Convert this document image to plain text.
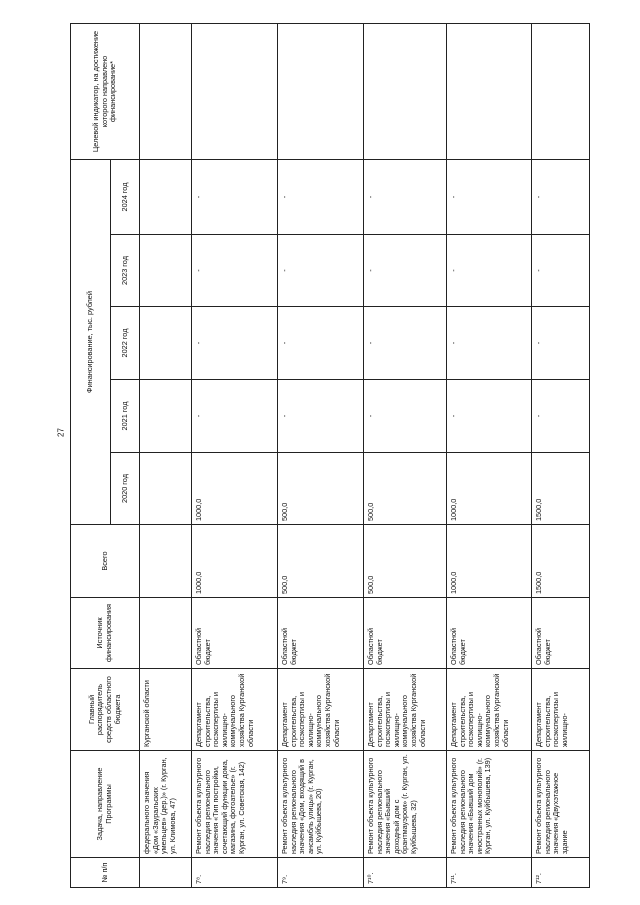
27
№ п/п	Задача, направление Программы	Главный распорядитель средств областного бюджета	Источник финансирования	Всего	Финансирование, тыс. рублей					Целевой индикатор, на достижение которого направлено финансирование*
					2020 год	2021 год	2022 год	2023 год	2024 год	
	федерального значения «Дом «Зауральских умельцев» (дер.)» (г. Курган, ул. Климова, 47)	Курганской области								
7⁸.	Ремонт объекта культурного наследия регионального значения «Тип постройки, сочетающий функции дома, магазина, фотоателье» (г. Курган, ул. Советская, 142)	Департамент строительства, госэкспертизы и жилищно-коммунального хозяйства Курганской области	Областной бюджет	1000,0	1000,0	-	-	-	-	
7⁹.	Ремонт объекта культурного наследия регионального значения «Дом, входящий в ансамбль улицы» (г. Курган, ул. Куйбышева, 20)	Департамент строительства, госэкспертизы и жилищно-коммунального хозяйства Курганской области	Областной бюджет	500,0	500,0	-	-	-	-	
7¹⁰.	Ремонт объекта культурного наследия регионального значения «Бывший доходный дом с брантмауэром» (г. Курган, ул. Куйбышева, 32)	Департамент строительства, госэкспертизы и жилищно-коммунального хозяйства Курганской области	Областной бюджет	500,0	500,0	-	-	-	-	
7¹¹.	Ремонт объекта культурного наследия регионального значения «Бывший дом иностранных монополий» (г. Курган, ул. Куйбышева, 139)	Департамент строительства, госэкспертизы и жилищно-коммунального хозяйства Курганской области	Областной бюджет	1000,0	1000,0	-	-	-	-	
7¹².	Ремонт объекта культурного наследия регионального значения «Двухэтажное здание	Департамент строительства, госэкспертизы и жилищно-	Областной бюджет	1500,0	1500,0	-	-	-	-	
